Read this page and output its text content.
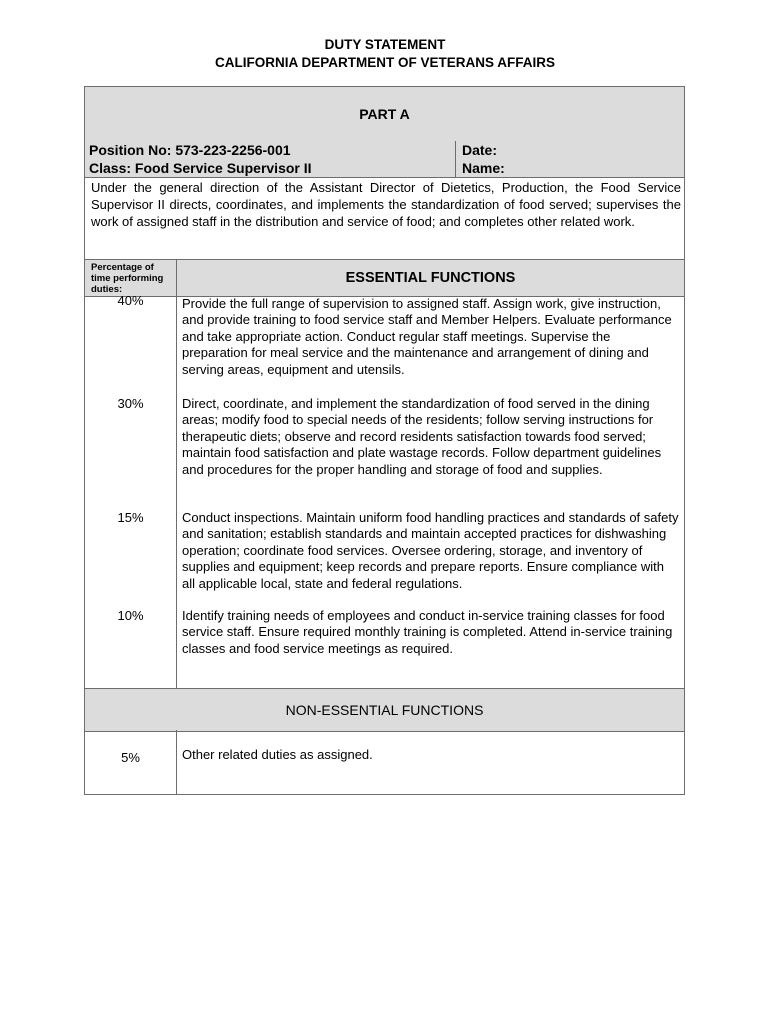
DUTY STATEMENT
CALIFORNIA DEPARTMENT OF VETERANS AFFAIRS
PART A
Position No: 573-223-2256-001	Date:
Class: Food Service Supervisor II	Name:
Under the general direction of the Assistant Director of Dietetics, Production, the Food Service Supervisor II directs, coordinates, and implements the standardization of food served; supervises the work of assigned staff in the distribution and service of food; and completes other related work.
Percentage of time performing duties:
ESSENTIAL FUNCTIONS
40%	Provide the full range of supervision to assigned staff. Assign work, give instruction, and provide training to food service staff and Member Helpers. Evaluate performance and take appropriate action. Conduct regular staff meetings. Supervise the preparation for meal service and the maintenance and arrangement of dining and serving areas, equipment and utensils.
30%	Direct, coordinate, and implement the standardization of food served in the dining areas; modify food to special needs of the residents; follow serving instructions for therapeutic diets; observe and record residents satisfaction towards food served; maintain food satisfaction and plate wastage records. Follow department guidelines and procedures for the proper handling and storage of food and supplies.
15%	Conduct inspections. Maintain uniform food handling practices and standards of safety and sanitation; establish standards and maintain accepted practices for dishwashing operation; coordinate food services. Oversee ordering, storage, and inventory of supplies and equipment; keep records and prepare reports. Ensure compliance with all applicable local, state and federal regulations.
10%	Identify training needs of employees and conduct in-service training classes for food service staff. Ensure required monthly training is completed. Attend in-service training classes and food service meetings as required.
NON-ESSENTIAL FUNCTIONS
5%	Other related duties as assigned.
